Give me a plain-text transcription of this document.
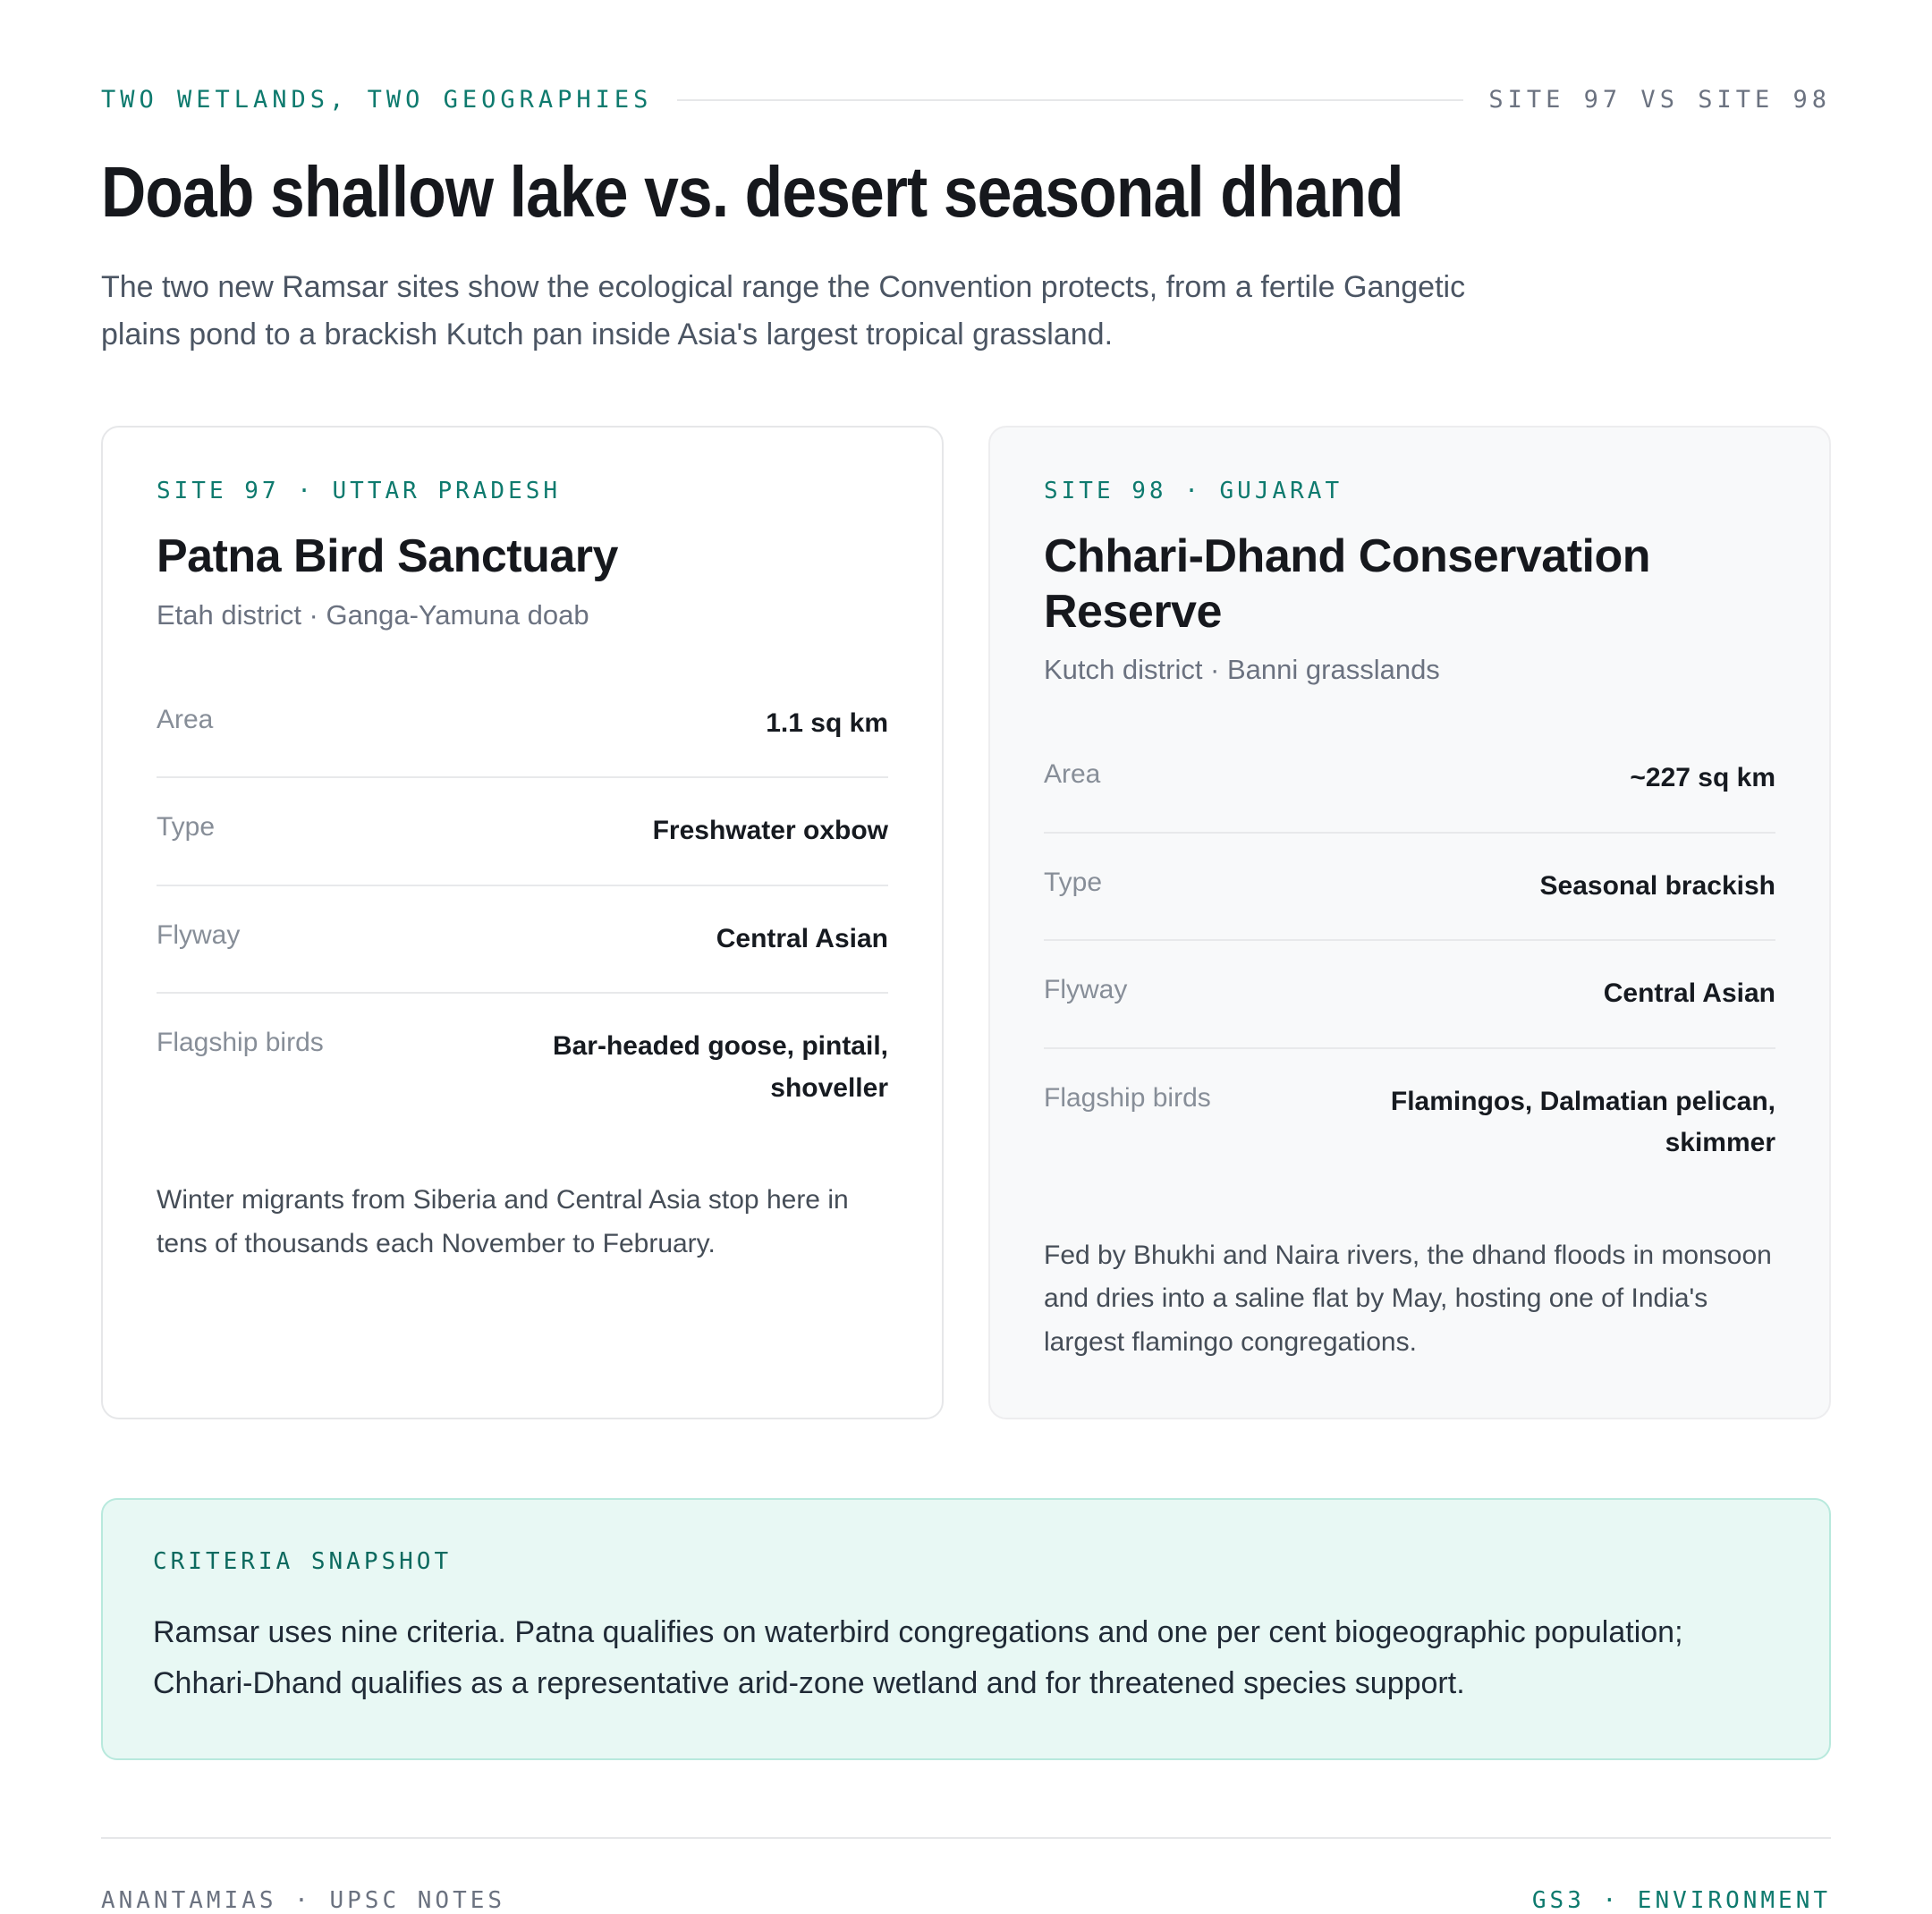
TWO WETLANDS, TWO GEOGRAPHIES	SITE 97 VS SITE 98
Doab shallow lake vs. desert seasonal dhand

The two new Ramsar sites show the ecological range the Convention protects, from a fertile Gangetic plains pond to a brackish Kutch pan inside Asia's largest tropical grassland.

SITE 97 · UTTAR PRADESH
Patna Bird Sanctuary
Etah district · Ganga-Yamuna doab
Area	1.1 sq km
Type	Freshwater oxbow
Flyway	Central Asian
Flagship birds	Bar-headed goose, pintail, shoveller

Winter migrants from Siberia and Central Asia stop here in tens of thousands each November to February.

SITE 98 · GUJARAT
Chhari-Dhand Conservation Reserve
Kutch district · Banni grasslands
Area	~227 sq km
Type	Seasonal brackish
Flyway	Central Asian
Flagship birds	Flamingos, Dalmatian pelican, skimmer

Fed by Bhukhi and Naira rivers, the dhand floods in monsoon and dries into a saline flat by May, hosting one of India's largest flamingo congregations.

CRITERIA SNAPSHOT

Ramsar uses nine criteria. Patna qualifies on waterbird congregations and one per cent biogeographic population; Chhari-Dhand qualifies as a representative arid-zone wetland and for threatened species support.

ANANTAMIAS · UPSC NOTES	GS3 · ENVIRONMENT
